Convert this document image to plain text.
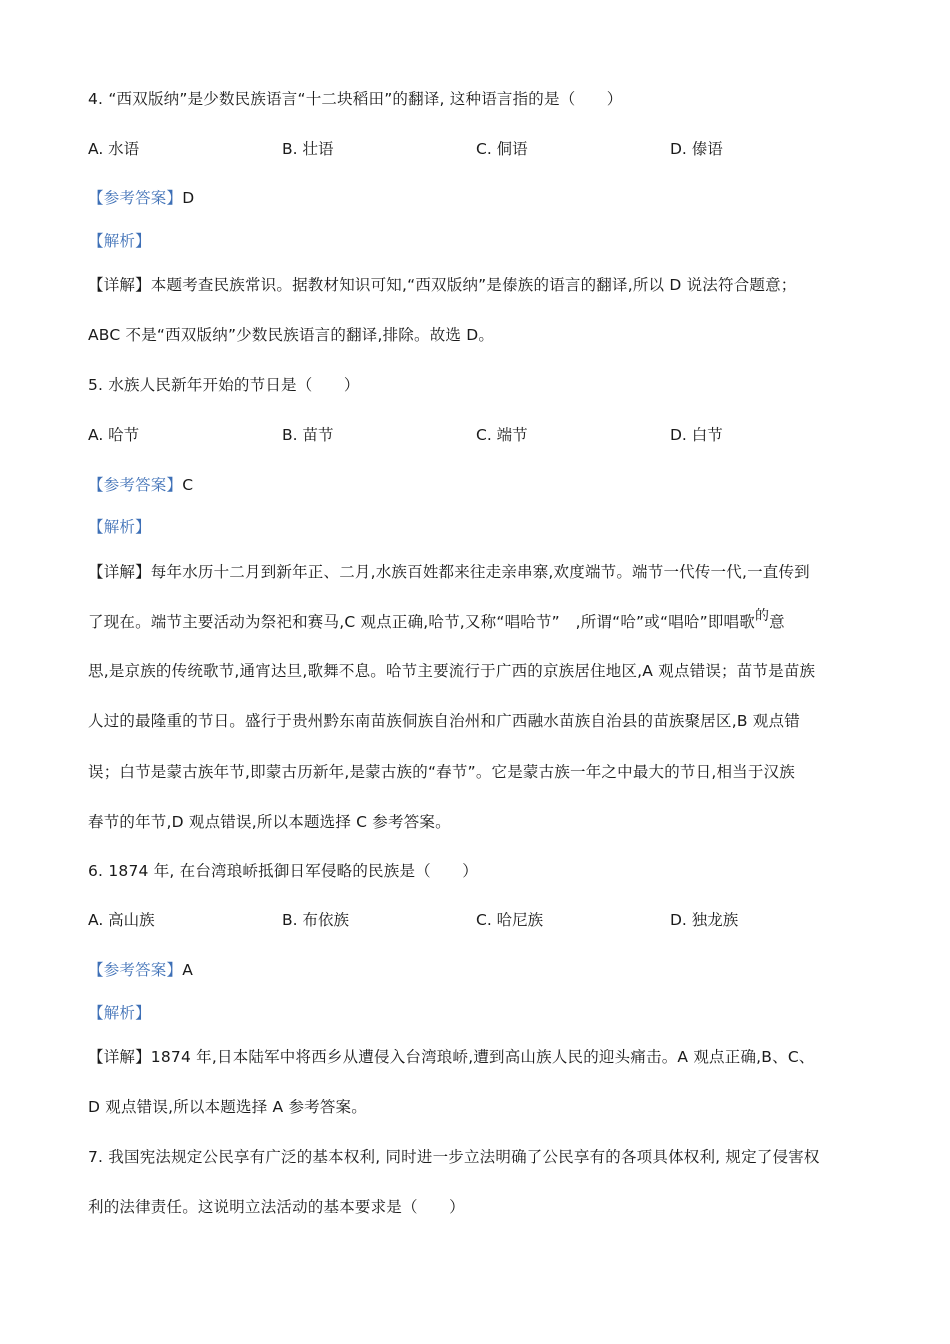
4. “西双版纳”是少数民族语言“十二块稻田”的翻译, 这种语言指的是（　　）
A. 水语	B. 壮语	C. 侗语	D. 傣语
【参考答案】D
【解析】
【详解】本题考查民族常识。据教材知识可知,“西双版纳”是傣族的语言的翻译,所以 D 说法符合题意；
ABC 不是“西双版纳”少数民族语言的翻译,排除。故选 D。
5. 水族人民新年开始的节日是（　　）
A. 哈节	B. 苗节	C. 端节	D. 白节
【参考答案】C
【解析】
【详解】每年水历十二月到新年正、二月,水族百姓都来往走亲串寨,欢度端节。端节一代传一代,一直传到
了现在。端节主要活动为祭祀和赛马,C 观点正确,哈节,又称“唱哈节”　,所谓“哈”或“唱哈”即唱歌的意
思,是京族的传统歌节,通宵达旦,歌舞不息。哈节主要流行于广西的京族居住地区,A 观点错误；苗节是苗族
人过的最隆重的节日。盛行于贵州黔东南苗族侗族自治州和广西融水苗族自治县的苗族聚居区,B 观点错
误；白节是蒙古族年节,即蒙古历新年,是蒙古族的“春节”。它是蒙古族一年之中最大的节日,相当于汉族
春节的年节,D 观点错误,所以本题选择 C 参考答案。
6. 1874 年, 在台湾琅峤抵御日军侵略的民族是（　　）
A. 高山族	B. 布依族	C. 哈尼族	D. 独龙族
【参考答案】A
【解析】
【详解】1874 年,日本陆军中将西乡从遭侵入台湾琅峤,遭到高山族人民的迎头痛击。A 观点正确,B、C、
D 观点错误,所以本题选择 A 参考答案。
7. 我国宪法规定公民享有广泛的基本权利, 同时进一步立法明确了公民享有的各项具体权利, 规定了侵害权
利的法律责任。这说明立法活动的基本要求是（　　）
